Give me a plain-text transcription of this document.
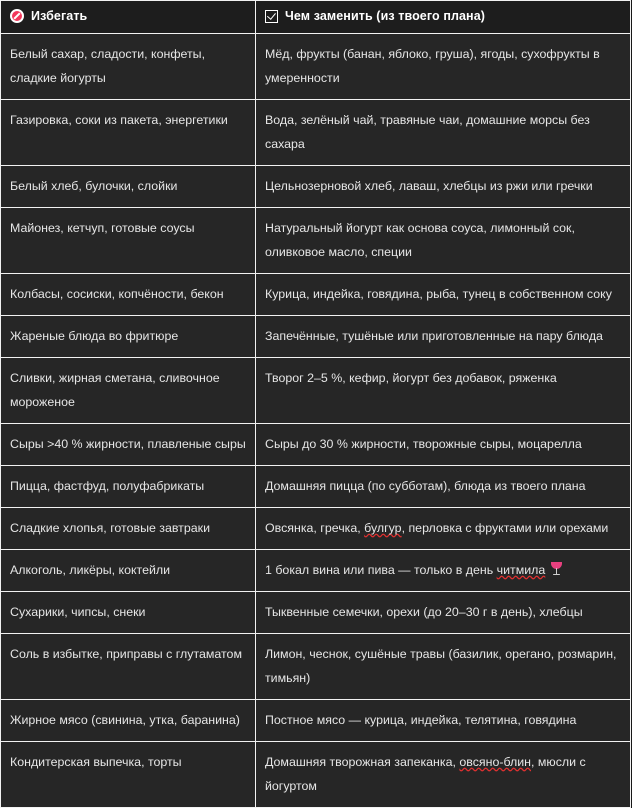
Избегать	Чем заменить (из твоего плана)

Белый сахар, сладости, конфеты, сладкие йогурты	Мёд, фрукты (банан, яблоко, груша), ягоды, сухофрукты в умеренности
Газировка, соки из пакета, энергетики	Вода, зелёный чай, травяные чаи, домашние морсы без сахара
Белый хлеб, булочки, слойки	Цельнозерновой хлеб, лаваш, хлебцы из ржи или гречки
Майонез, кетчуп, готовые соусы	Натуральный йогурт как основа соуса, лимонный сок, оливковое масло, специи
Колбасы, сосиски, копчёности, бекон	Курица, индейка, говядина, рыба, тунец в собственном соку
Жареные блюда во фритюре	Запечённые, тушёные или приготовленные на пару блюда
Сливки, жирная сметана, сливочное мороженое	Творог 2–5 %, кефир, йогурт без добавок, ряженка
Сыры >40 % жирности, плавленые сыры	Сыры до 30 % жирности, творожные сыры, моцарелла
Пицца, фастфуд, полуфабрикаты	Домашняя пицца (по субботам), блюда из твоего плана
Сладкие хлопья, готовые завтраки	Овсянка, гречка, булгур, перловка с фруктами или орехами
Алкоголь, ликёры, коктейли	1 бокал вина или пива — только в день читмила

Сухарики, чипсы, снеки	Тыквенные семечки, орехи (до 20–30 г в день), хлебцы
Соль в избытке, приправы с глутаматом	Лимон, чеснок, сушёные травы (базилик, орегано, розмарин, тимьян)
Жирное мясо (свинина, утка, баранина)	Постное мясо — курица, индейка, телятина, говядина
Кондитерская выпечка, торты	Домашняя творожная запеканка, овсяно-блин, мюсли с йогуртом
